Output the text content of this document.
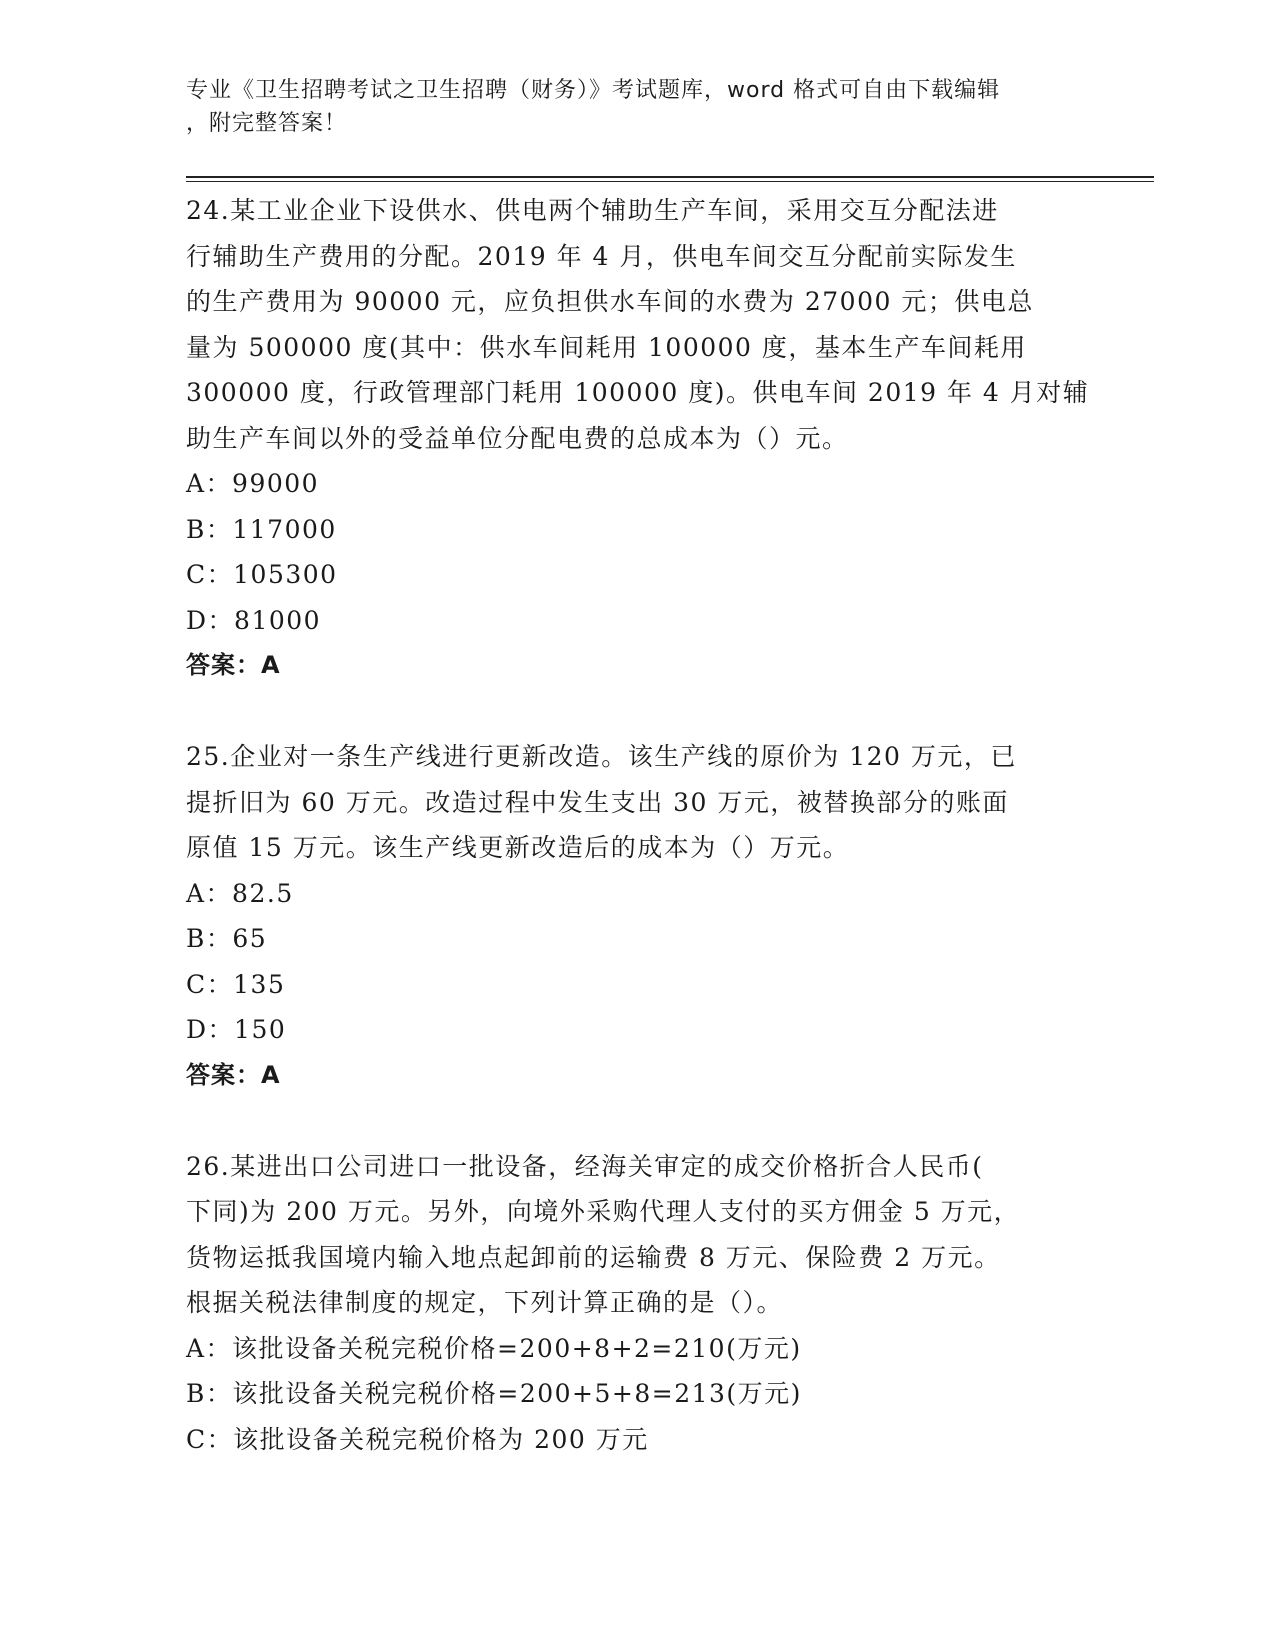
专业《卫生招聘考试之卫生招聘（财务）》考试题库，word 格式可自由下载编辑
，附完整答案！
24.某工业企业下设供水、供电两个辅助生产车间，采用交互分配法进
行辅助生产费用的分配。2019 年 4 月，供电车间交互分配前实际发生
的生产费用为 90000 元，应负担供水车间的水费为 27000 元；供电总
量为 500000 度(其中：供水车间耗用 100000 度，基本生产车间耗用
300000 度，行政管理部门耗用 100000 度)。供电车间 2019 年 4 月对辅
助生产车间以外的受益单位分配电费的总成本为（）元。
A：99000
B：117000
C：105300
D：81000
答案：A
25.企业对一条生产线进行更新改造。该生产线的原价为 120 万元，已
提折旧为 60 万元。改造过程中发生支出 30 万元，被替换部分的账面
原值 15 万元。该生产线更新改造后的成本为（）万元。
A：82.5
B：65
C：135
D：150
答案：A
26.某进出口公司进口一批设备，经海关审定的成交价格折合人民币(
下同)为 200 万元。另外，向境外采购代理人支付的买方佣金 5 万元，
货物运抵我国境内输入地点起卸前的运输费 8 万元、保险费 2 万元。
根据关税法律制度的规定，下列计算正确的是（）。
A：该批设备关税完税价格=200+8+2=210(万元)
B：该批设备关税完税价格=200+5+8=213(万元)
C：该批设备关税完税价格为 200 万元
